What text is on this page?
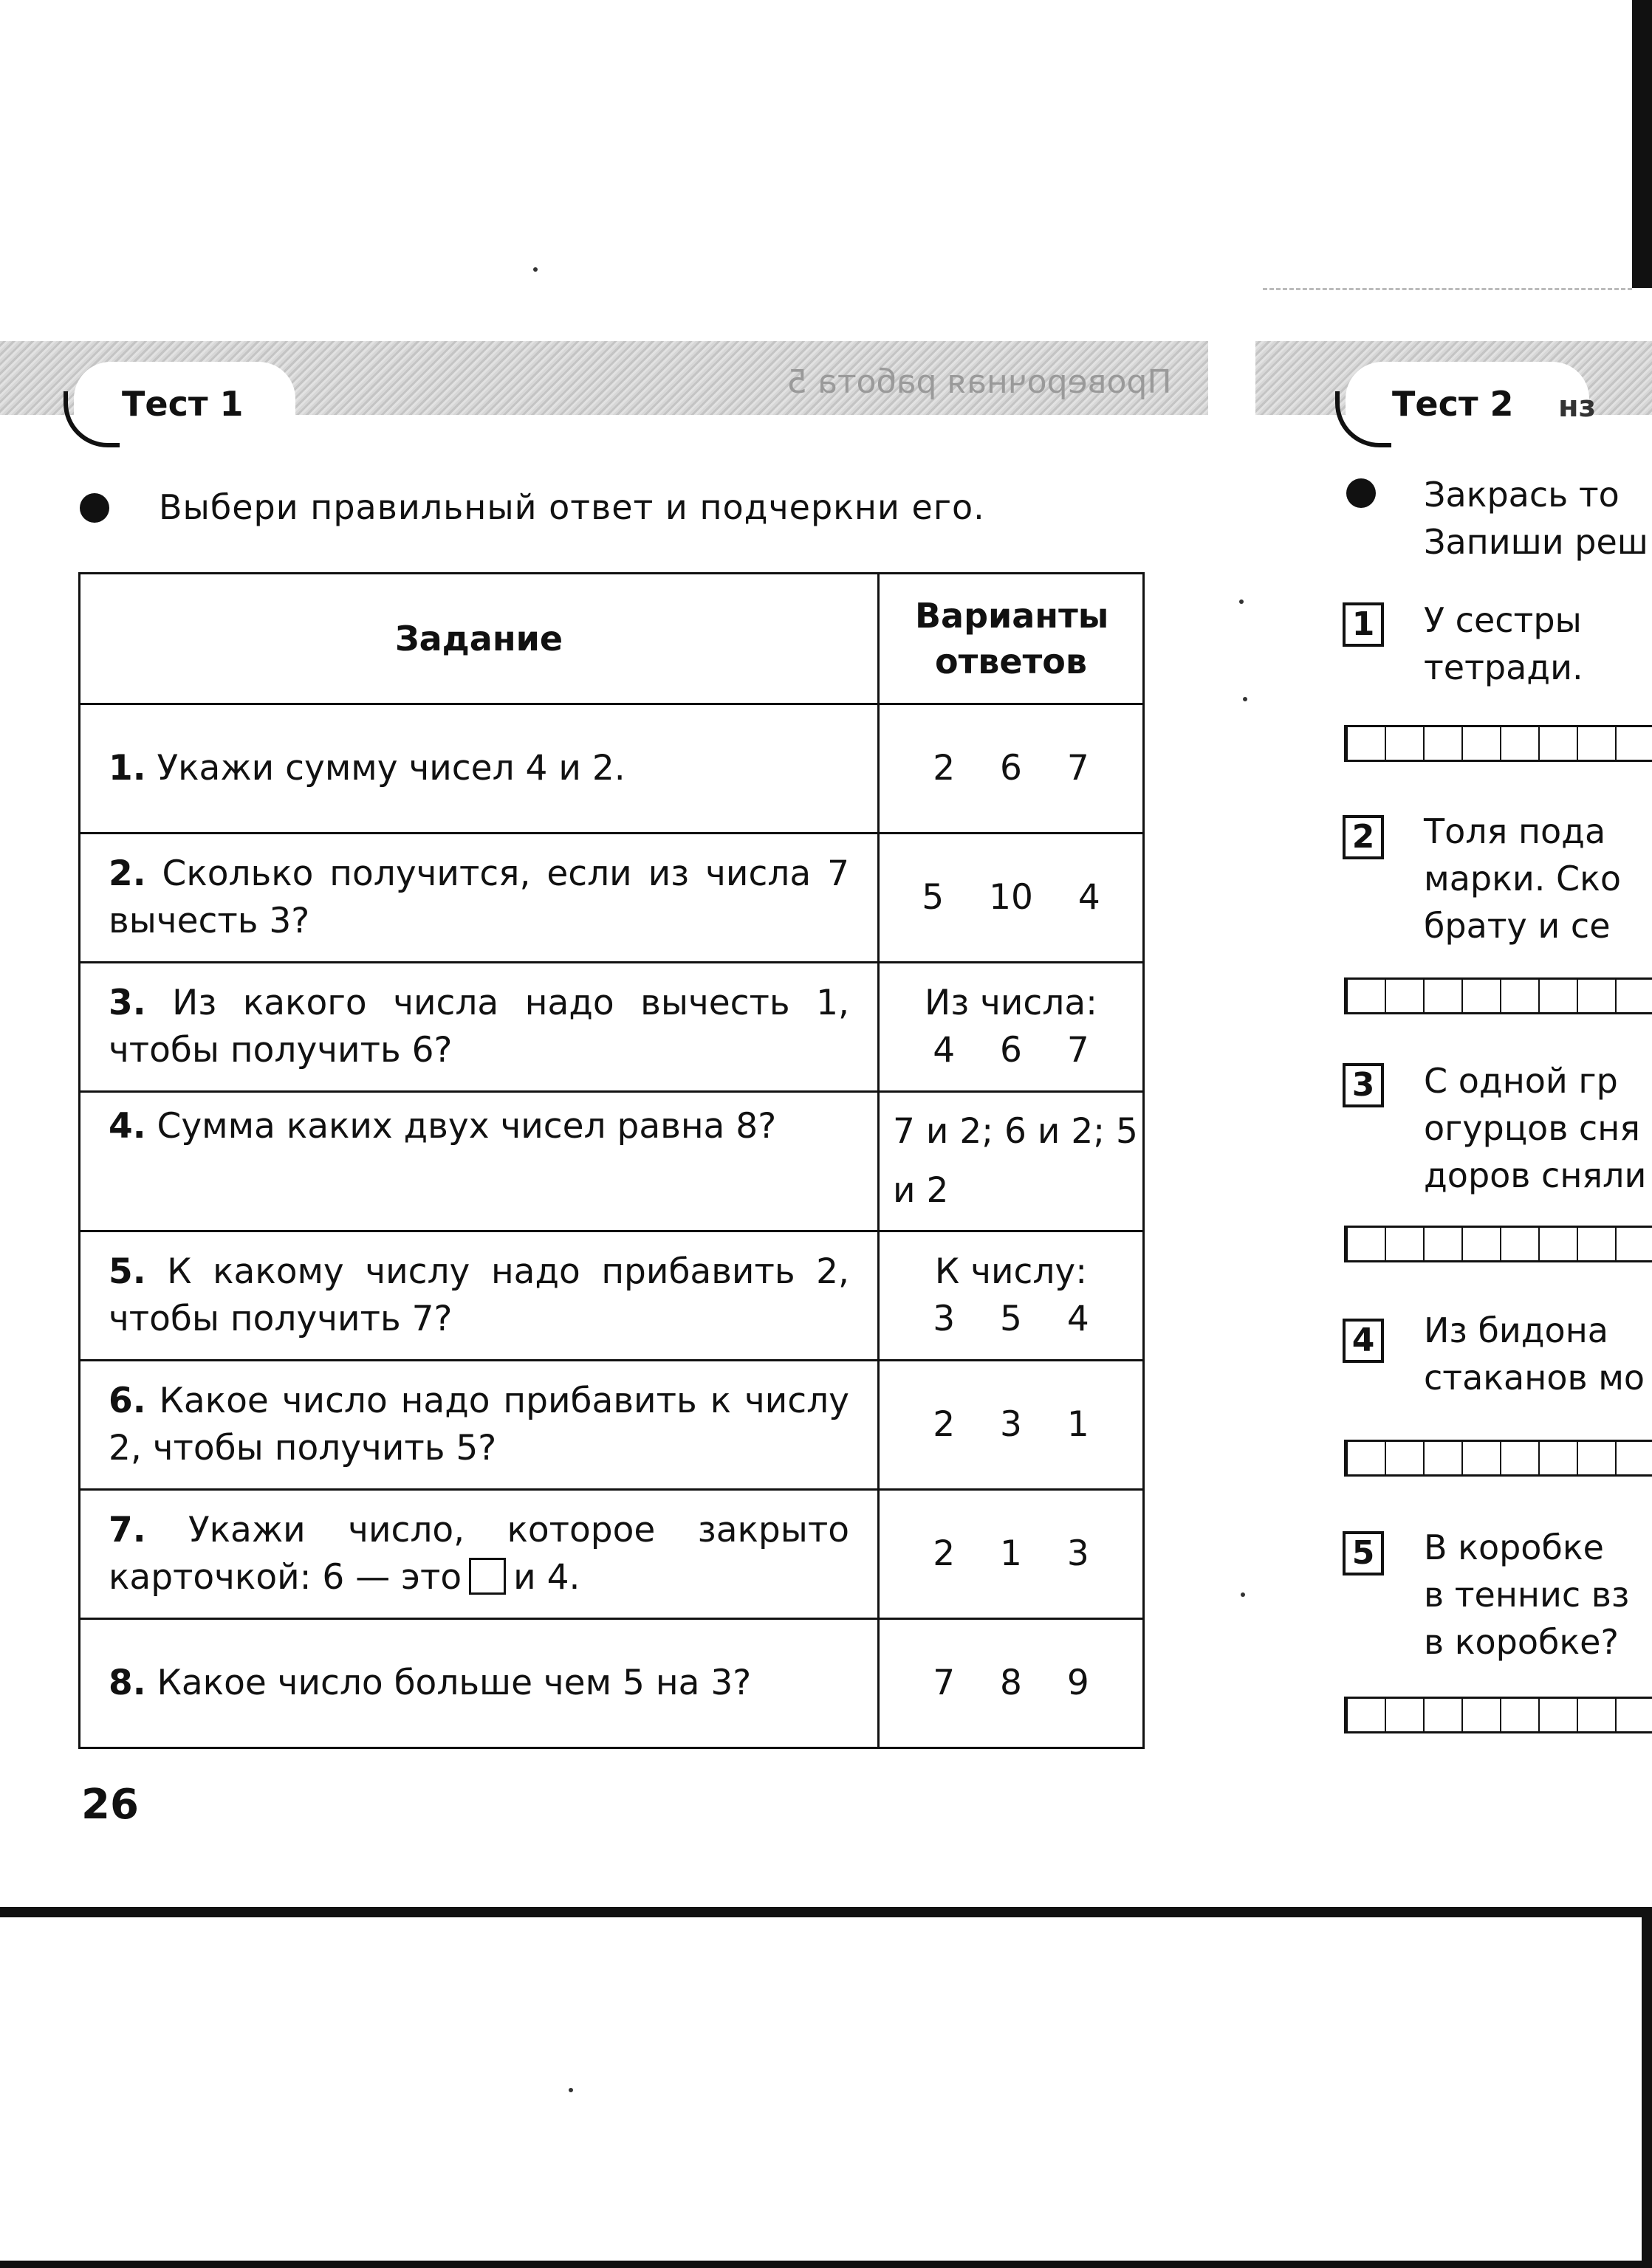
Проверочная работа 5
Тест 1
Выбери правильный ответ и подчеркни его.
Задание	Варианты ответов

1. Укажи сумму чисел 4 и 2.	2 6 7
2. Сколько получится, если из числа 7 вычесть 3?	5 10 4
3. Из какого числа надо вычесть 1, чтобы получить 6?	Из числа:
4 6 7
4. Сумма каких двух чисел равна 8?	7 и 2; 6 и 2; 5 и 2
5. К какому числу надо прибавить 2, чтобы получить 7?	К числу:
3 5 4
6. Какое число надо прибавить к числу 2, чтобы получить 5?	2 3 1
7. Укажи число, которое закрыто карточкой: 6 — это и 4.	2 1 3
8. Какое число больше чем 5 на 3?	7 8 9
26
Тест 2 нз
Закрась то
Запиши реш
1 У сестры
тетради.
2 Толя пода
марки. Ско
брату и се
3 С одной гр
огурцов сня
доров сняли
4 Из бидона
стаканов мо
5 В коробке
в теннис вз
в коробке?
